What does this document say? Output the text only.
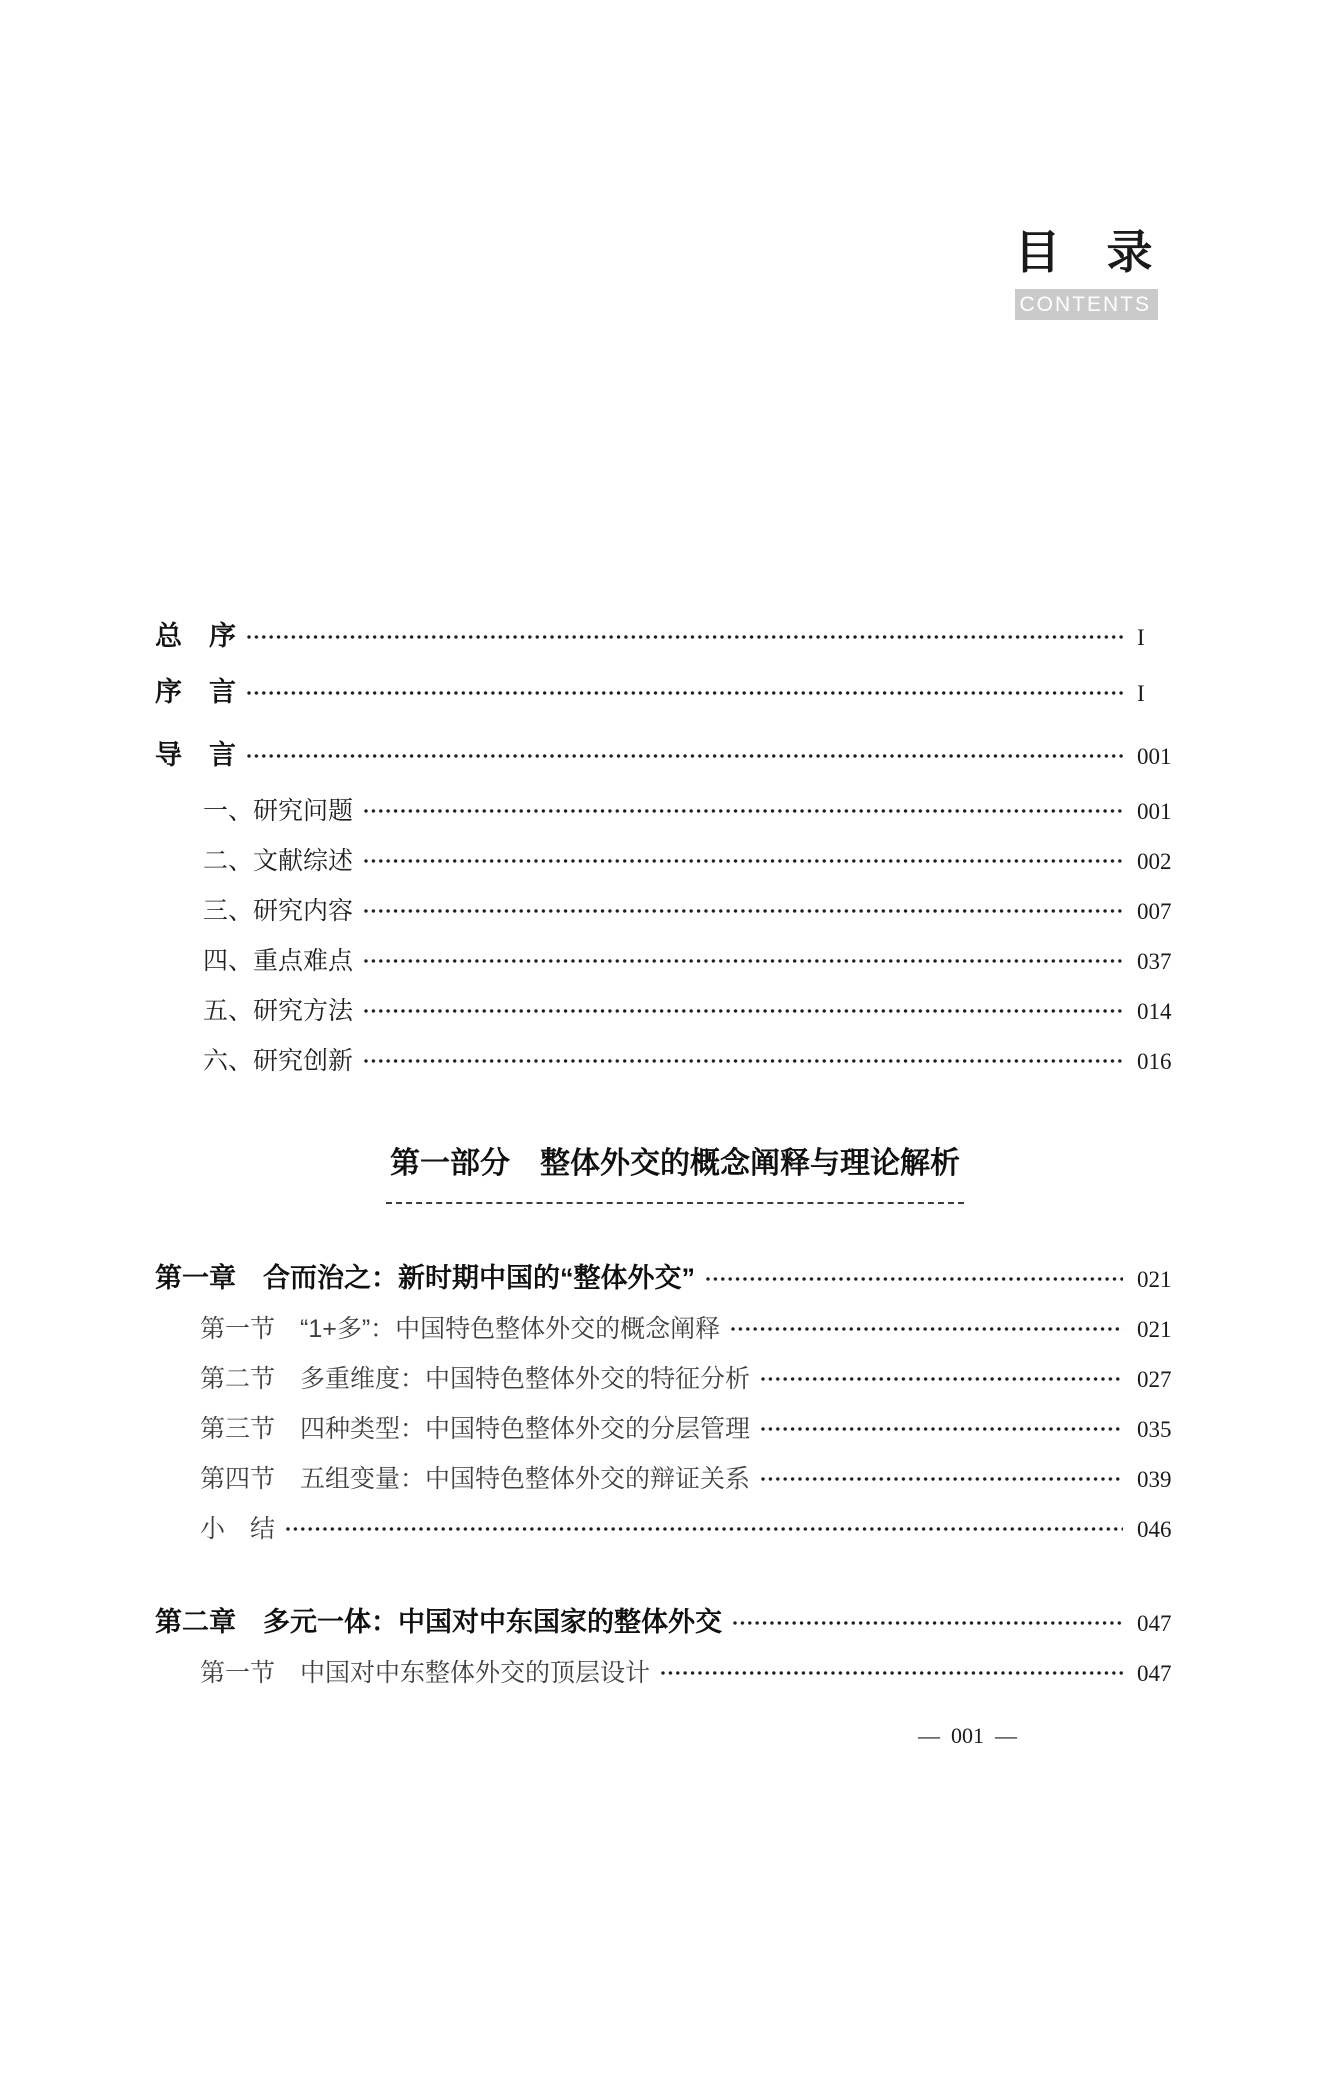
目　录
CONTENTS
总　序	I
序　言	I
导　言	001
一、研究问题	001
二、文献综述	002
三、研究内容	007
四、重点难点	037
五、研究方法	014
六、研究创新	016
第一部分　整体外交的概念阐释与理论解析
第一章　合而治之：新时期中国的“整体外交”	021
第一节　“1+多”：中国特色整体外交的概念阐释	021
第二节　多重维度：中国特色整体外交的特征分析	027
第三节　四种类型：中国特色整体外交的分层管理	035
第四节　五组变量：中国特色整体外交的辩证关系	039
小　结	046
第二章　多元一体：中国对中东国家的整体外交	047
第一节　中国对中东整体外交的顶层设计	047
—  001  —
